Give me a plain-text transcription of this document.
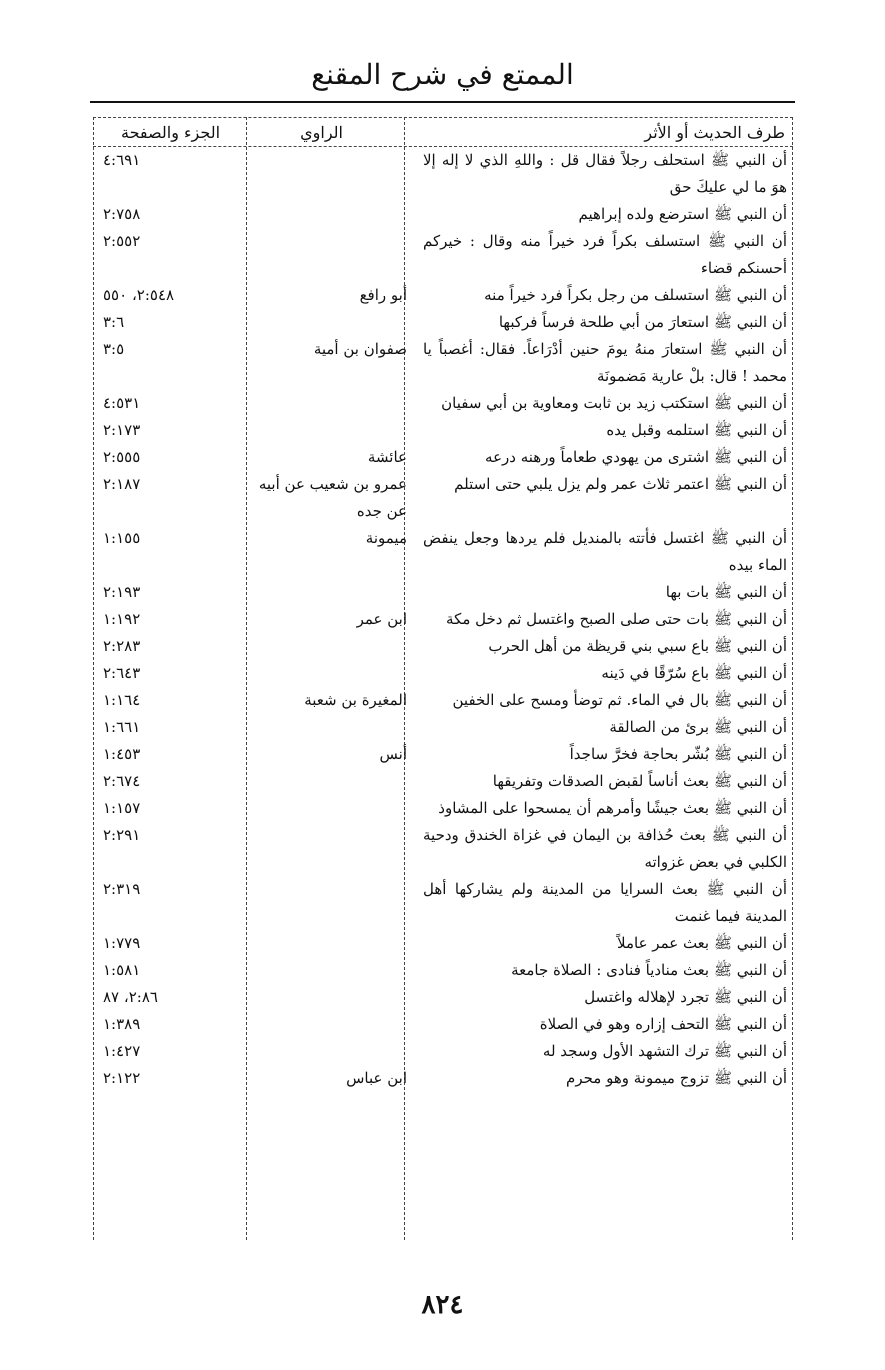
الممتع في شرح المقنع
طرف الحديث أو الأثر
الراوي
الجزء والصفحة
أن النبي ﷺ استحلف رجلاً فقال قل : واللهِ الذي لا إله إلا هوَ ما لي عليكَ حق
٤:٦٩١
أن النبي ﷺ استرضع ولده إبراهيم
٢:٧٥٨
أن النبي ﷺ استسلف بكراً فرد خيراً منه وقال : خيركم أحسنكم قضاء
٢:٥٥٢
أن النبي ﷺ استسلف من رجل بكراً فرد خيراً منه
أبو رافع
٢:٥٤٨، ٥٥٠
أن النبي ﷺ استعارَ من أبي طلحة فرساً فركبها
٣:٦
أن النبي ﷺ استعارَ منهُ يومَ حنين أدْرَاعاً. فقال: أغصباً يا محمد ! قال: بلْ عارية مَضمونَة
صفوان بن أمية
٣:٥
أن النبي ﷺ استكتب زيد بن ثابت ومعاوية بن أبي سفيان
٤:٥٣١
أن النبي ﷺ استلمه وقبل يده
٢:١٧٣
أن النبي ﷺ اشترى من يهودي طعاماً ورهنه درعه
عائشة
٢:٥٥٥
أن النبي ﷺ اعتمر ثلاث عمر ولم يزل يلبي حتى استلم
عمرو بن شعيب عن أبيه عن جده
٢:١٨٧
أن النبي ﷺ اغتسل فأتته بالمنديل فلم يردها وجعل ينفض الماء بيده
ميمونة
١:١٥٥
أن النبي ﷺ بات بها
٢:١٩٣
أن النبي ﷺ بات حتى صلى الصبح واغتسل ثم دخل مكة
ابن عمر
١:١٩٢
أن النبي ﷺ باع سبي بني قريظة من أهل الحرب
٢:٢٨٣
أن النبي ﷺ باع سُرّقًا في دَينه
٢:٦٤٣
أن النبي ﷺ بال في الماء. ثم توضأ ومسح على الخفين
المغيرة بن شعبة
١:١٦٤
أن النبي ﷺ برئ من الصالقة
١:٦٦١
أن النبي ﷺ بُشّر بحاجة فخرَّ ساجداً
أنس
١:٤٥٣
أن النبي ﷺ بعث أناساً لقبض الصدقات وتفريقها
٢:٦٧٤
أن النبي ﷺ بعث جيشًا وأمرهم أن يمسحوا على المشاوذ
١:١٥٧
أن النبي ﷺ بعث حُذافة بن اليمان في غزاة الخندق ودحية الكلبي في بعض غزواته
٢:٢٩١
أن النبي ﷺ بعث السرايا من المدينة ولم يشاركها أهل المدينة فيما غنمت
٢:٣١٩
أن النبي ﷺ بعث عمر عاملاً
١:٧٧٩
أن النبي ﷺ بعث منادياً فنادى : الصلاة جامعة
١:٥٨١
أن النبي ﷺ تجرد لإهلاله واغتسل
٢:٨٦، ٨٧
أن النبي ﷺ التحف إزاره وهو في الصلاة
١:٣٨٩
أن النبي ﷺ ترك التشهد الأول وسجد له
١:٤٢٧
أن النبي ﷺ تزوج ميمونة وهو محرم
ابن عباس
٢:١٢٢
٨٢٤
